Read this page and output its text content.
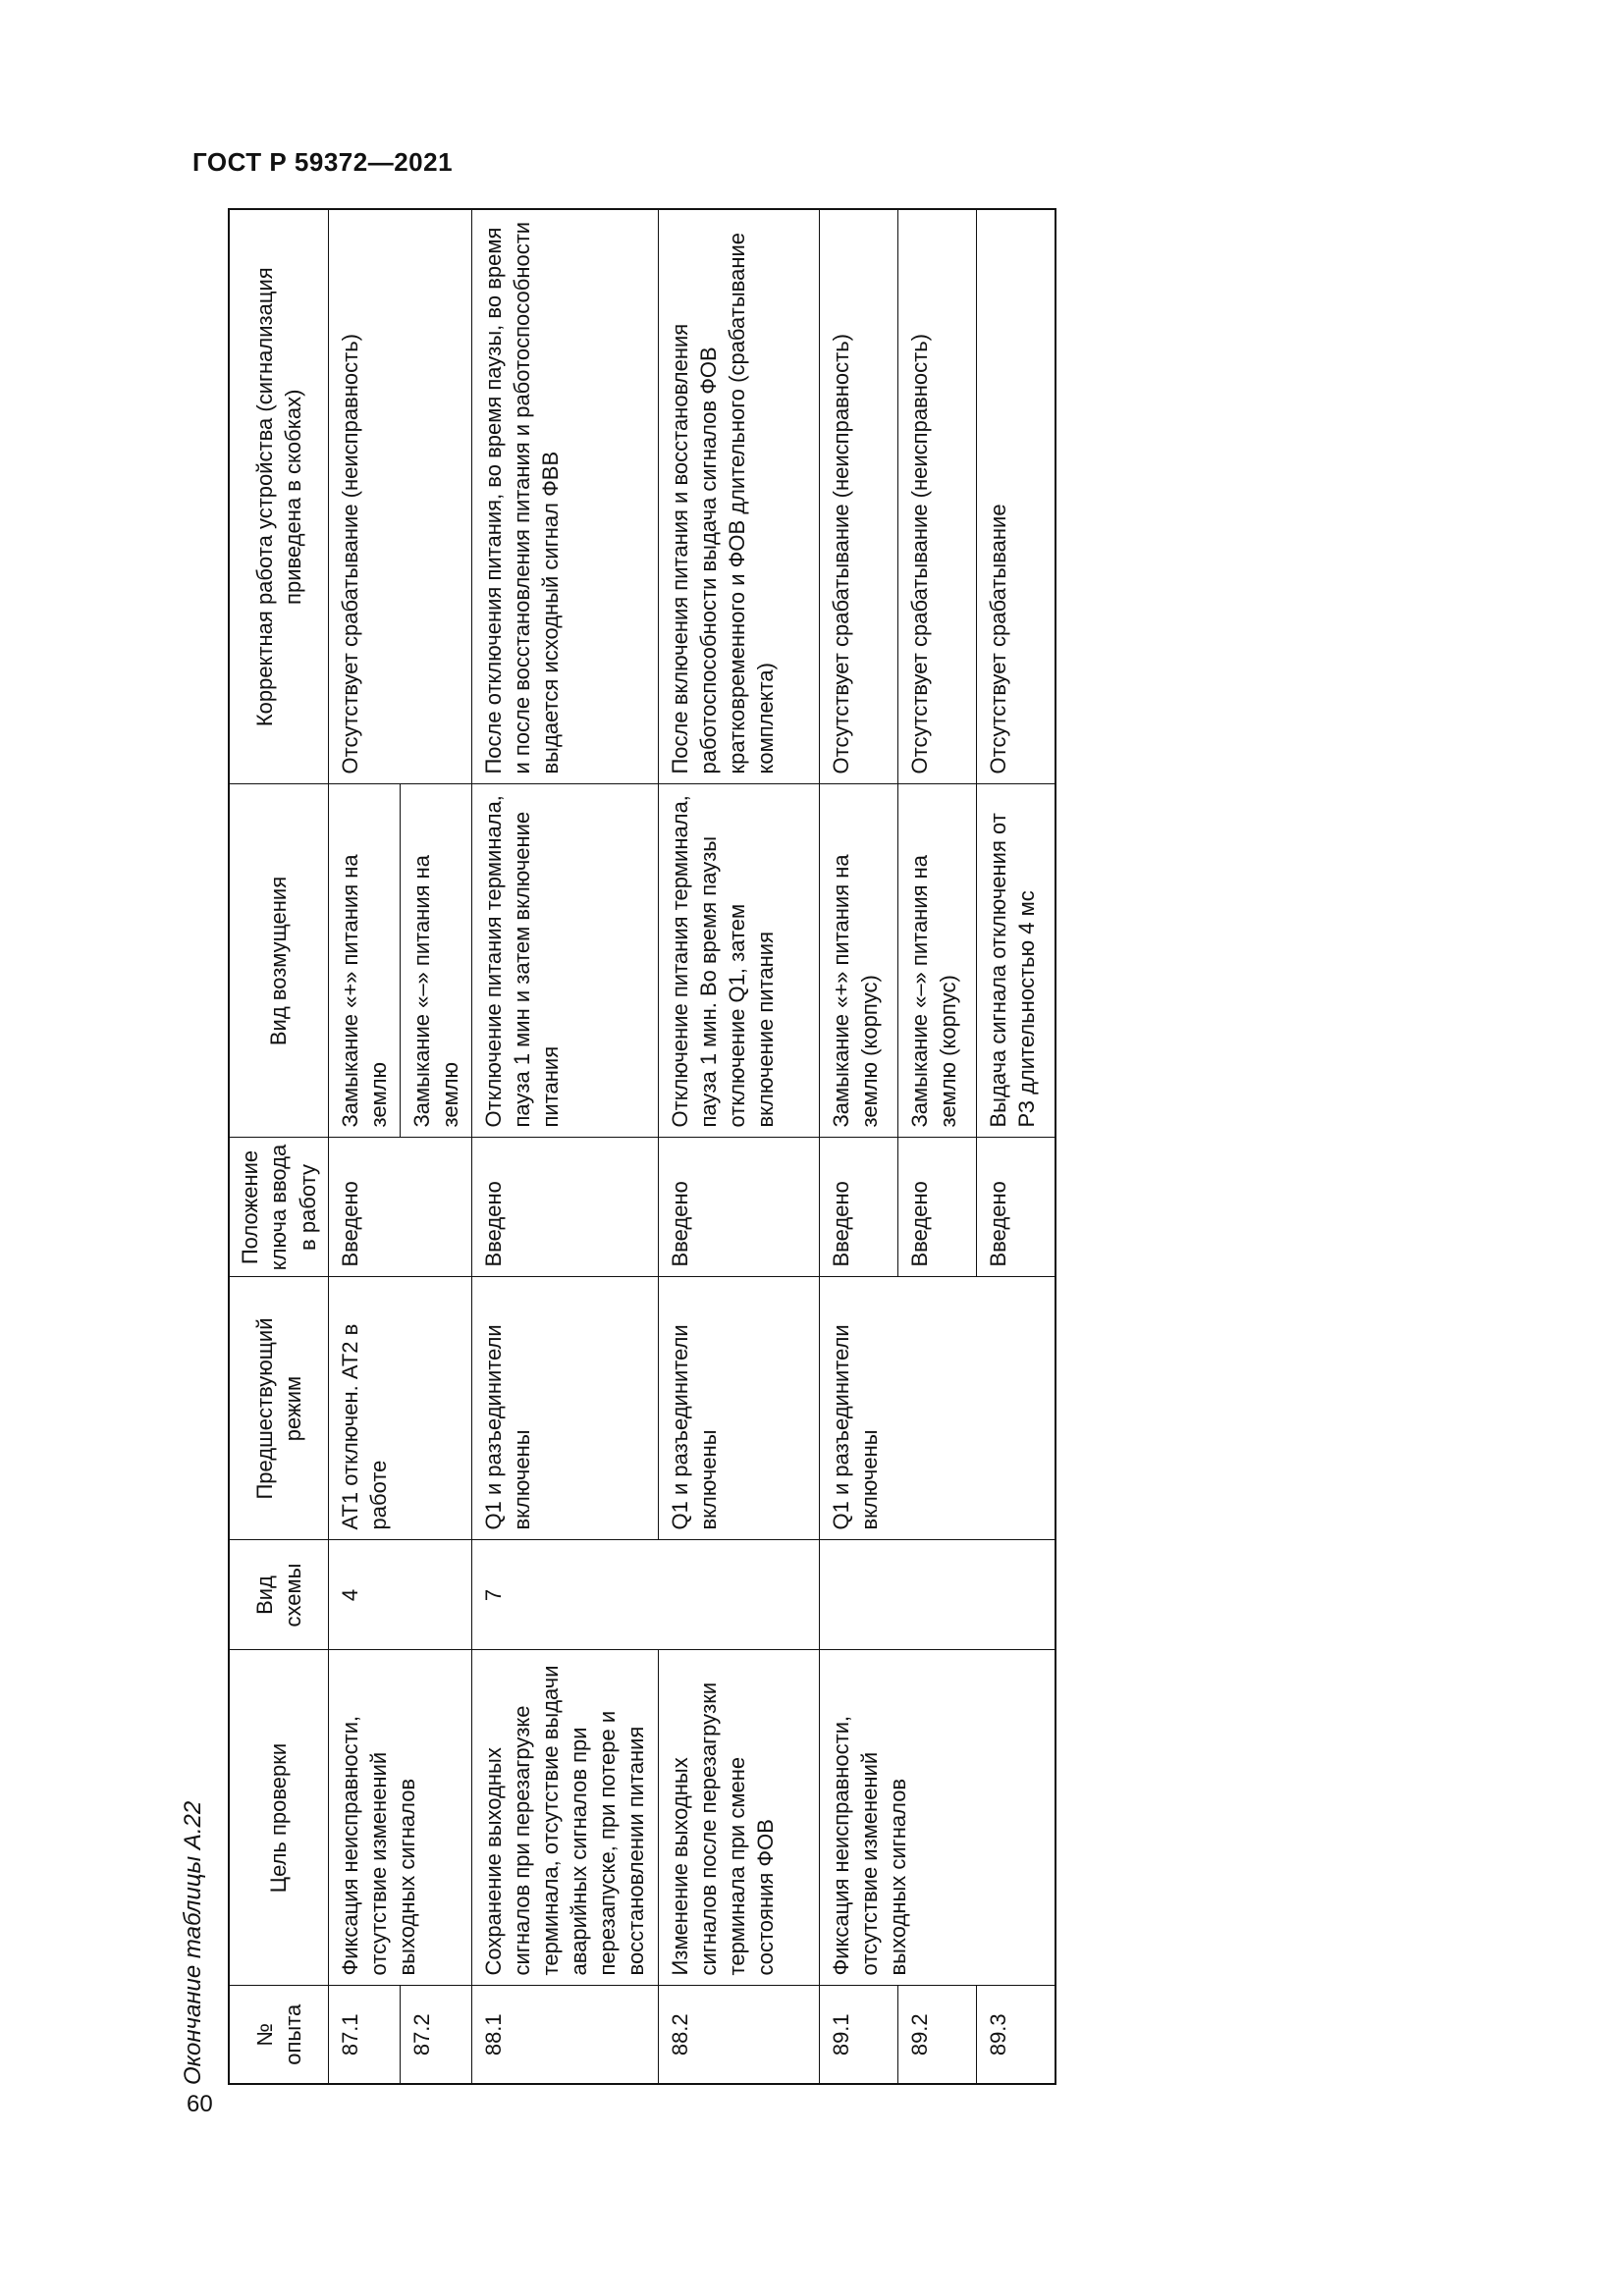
ГОСТ Р 59372—2021
60
Окончание таблицы А.22	№ опыта	Цель проверки	Вид схемы	Предшествующий режим	Положение ключа ввода в работу	Вид возмущения	Корректная работа устройства (сигнализация приведена в скобках)
87.1	Фиксация неисправности, отсутствие изменений выходных сигналов	4	АТ1 отключен. АТ2 в работе	Введено	Замыкание «+» питания на землю	Отсутствует срабатывание (неисправность)
87.2					Замыкание «–» питания на землю	
88.1	Сохранение выходных сигналов при перезагрузке терминала, отсутствие выдачи аварийных сигналов при перезапуске, при потере и восстановлении питания	7	Q1 и разъединители включены	Введено	Отключение питания терминала, пауза 1 мин и затем включение питания	После отключения питания, во время паузы, во время и после восстановления питания и работоспособности выдается исходный сигнал ФВВ
88.2	Изменение выходных сигналов после перезагрузки терминала при смене состояния ФОВ		Q1 и разъединители включены	Введено	Отключение питания терминала, пауза 1 мин. Во время паузы отключение Q1, затем включение питания	После включения питания и восстановления работоспособности выдача сигналов ФОВ кратковременного и ФОВ длительного (срабатывание комплекта)
89.1	Фиксация неисправности, отсутствие изменений выходных сигналов		Q1 и разъединители включены	Введено	Замыкание «+» питания на землю (корпус)	Отсутствует срабатывание (неисправность)
89.2				Введено	Замыкание «–» питания на землю (корпус)	Отсутствует срабатывание (неисправность)
89.3				Введено	Выдача сигнала отключения от РЗ длительностью 4 мс	Отсутствует срабатывание
